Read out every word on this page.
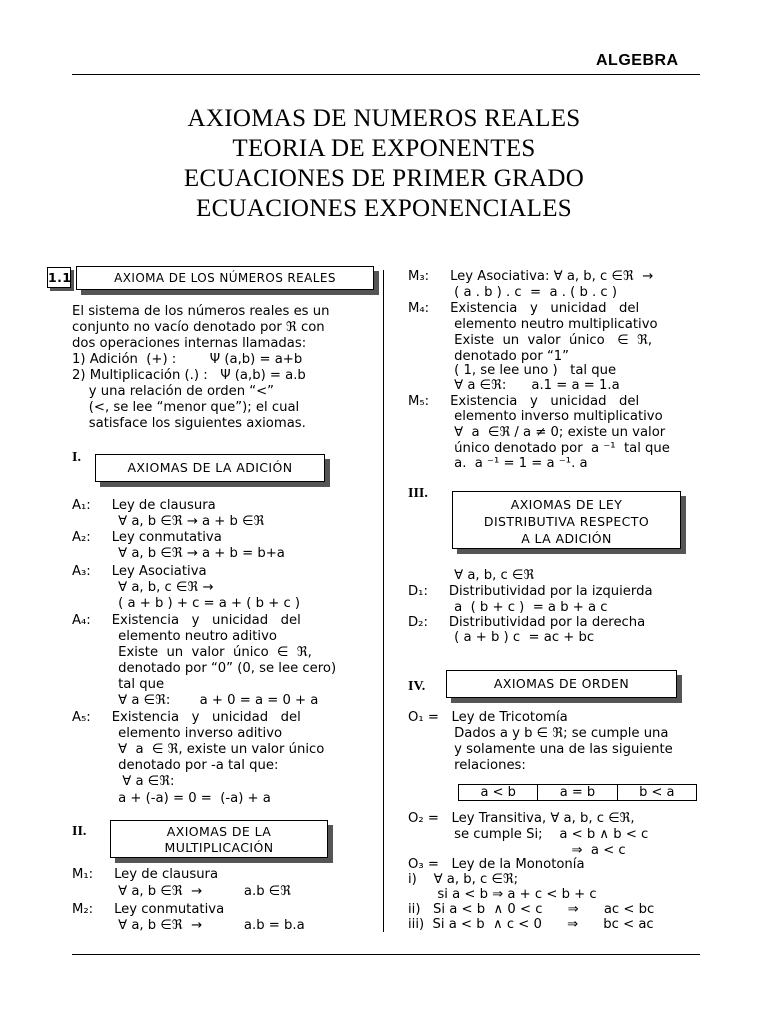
ALGEBRA
AXIOMAS DE NUMEROS REALES
TEORIA DE EXPONENTES
ECUACIONES DE PRIMER GRADO
ECUACIONES EXPONENCIALES
1.1	AXIOMA DE LOS NÚMEROS REALES
El sistema de los números reales es un
conjunto no vacío denotado por ℜ con
dos operaciones internas llamadas:
1) Adición  (+) :        Ψ (a,b) = a+b
2) Multiplicación (.) :   Ψ (a,b) = a.b
y una relación de orden “<”
(<, se lee “menor que”); el cual
satisface los siguientes axiomas.
I.
AXIOMAS DE LA ADICIÓN
A₁:     Ley de clausura
∀ a, b ∈ℜ → a + b ∈ℜ
A₂:     Ley conmutativa
∀ a, b ∈ℜ → a + b = b+a
A₃:     Ley Asociativa
∀ a, b, c ∈ℜ →
( a + b ) + c = a + ( b + c )
A₄:     Existencia   y   unicidad   del
elemento neutro aditivo
Existe  un  valor  único  ∈  ℜ,
denotado por “0” (0, se lee cero)
tal que
∀ a ∈ℜ:       a + 0 = a = 0 + a
A₅:     Existencia   y   unicidad   del
elemento inverso aditivo
∀  a  ∈ ℜ, existe un valor único
denotado por -a tal que:
∀ a ∈ℜ:
a + (-a) = 0 =  (-a) + a
II.	AXIOMAS DE LA
MULTIPLICACIÓN
M₁:     Ley de clausura
∀ a, b ∈ℜ  →          a.b ∈ℜ
M₂:     Ley conmutativa
∀ a, b ∈ℜ  →          a.b = b.a
M₃:     Ley Asociativa: ∀ a, b, c ∈ℜ  →
( a . b ) . c  =  a . ( b . c )
M₄:     Existencia   y   unicidad   del
elemento neutro multiplicativo
Existe  un  valor  único   ∈  ℜ,
denotado por “1”
( 1, se lee uno )   tal que
∀ a ∈ℜ:      a.1 = a = 1.a
M₅:     Existencia   y   unicidad   del
elemento inverso multiplicativo
∀  a  ∈ℜ / a ≠ 0; existe un valor
único denotado por  a ⁻¹  tal que
a.  a ⁻¹ = 1 = a ⁻¹. a
III.
AXIOMAS DE LEY
DISTRIBUTIVA RESPECTO
A LA ADICIÓN
∀ a, b, c ∈ℜ
D₁:     Distributividad por la izquierda
a  ( b + c )  = a b + a c
D₂:     Distributividad por la derecha
( a + b ) c  = ac + bc
IV.	AXIOMAS DE ORDEN
O₁ =   Ley de Tricotomía
Dados a y b ∈ ℜ; se cumple una
y solamente una de las siguiente
relaciones:
a < b	a = b	b < a
O₂ =   Ley Transitiva, ∀ a, b, c ∈ℜ,
se cumple Si;    a < b ∧ b < c
⇒  a < c
O₃ =   Ley de la Monotonía
i)    ∀ a, b, c ∈ℜ;
si a < b ⇒ a + c < b + c
ii)   Si a < b  ∧ 0 < c      ⇒      ac < bc
iii)  Si a < b  ∧ c < 0      ⇒      bc < ac
